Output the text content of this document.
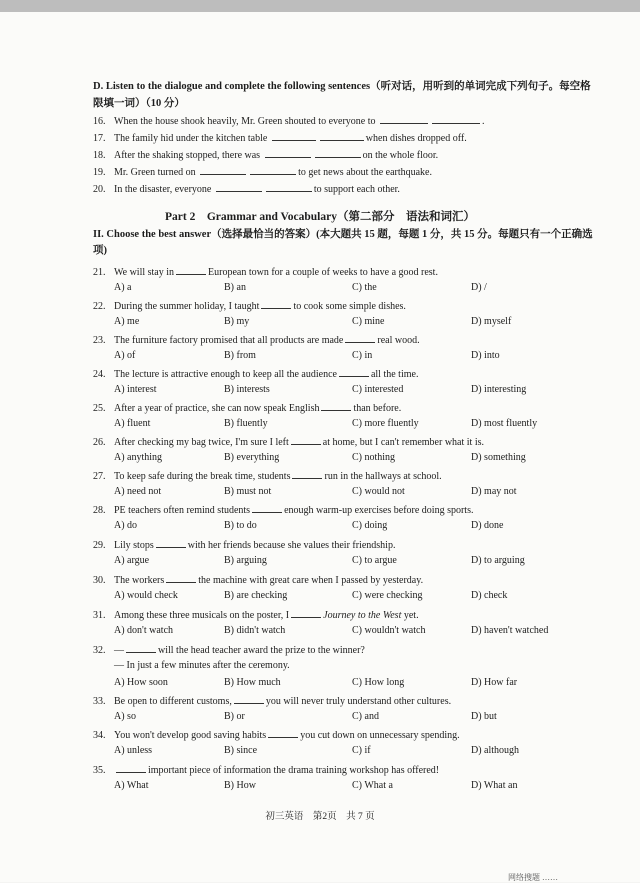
D. Listen to the dialogue and complete the following sentences（听对话，用听到的单词完成下列句子。每空格限填一词）（10 分）
16. When the house shook heavily, Mr. Green shouted to everyone to	.
17. The family hid under the kitchen table	when dishes dropped off.
18. After the shaking stopped, there was	on the whole floor.
19. Mr. Green turned on	to get news about the earthquake.
20. In the disaster, everyone	to support each other.
Part 2　Grammar and Vocabulary（第二部分　语法和词汇）
II. Choose the best answer（选择最恰当的答案）(本大题共 15 题，每题 1 分，共 15 分。每题只有一个正确选项)
21. We will stay in	European town for a couple of weeks to have a good rest.
A) a	B) an	C) the	D) /
22. During the summer holiday, I taught	to cook some simple dishes.
A) me	B) my	C) mine	D) myself
23. The furniture factory promised that all products are made	real wood.
A) of	B) from	C) in	D) into
24. The lecture is attractive enough to keep all the audience	all the time.
A) interest	B) interests	C) interested	D) interesting
25. After a year of practice, she can now speak English	than before.
A) fluent	B) fluently	C) more fluently	D) most fluently
26. After checking my bag twice, I'm sure I left	at home, but I can't remember what it is.
A) anything	B) everything	C) nothing	D) something
27. To keep safe during the break time, students	run in the hallways at school.
A) need not	B) must not	C) would not	D) may not
28. PE teachers often remind students	enough warm-up exercises before doing sports.
A) do	B) to do	C) doing	D) done
29. Lily stops	with her friends because she values their friendship.
A) argue	B) arguing	C) to argue	D) to arguing
30. The workers	the machine with great care when I passed by yesterday.
A) would check	B) are checking	C) were checking	D) check
31. Among these three musicals on the poster, I	Journey to the West yet.
A) don't watch	B) didn't watch	C) wouldn't watch	D) haven't watched
32. —	will the head teacher award the prize to the winner?
— In just a few minutes after the ceremony.
A) How soon	B) How much	C) How long	D) How far
33. Be open to different customs,	you will never truly understand other cultures.
A) so	B) or	C) and	D) but
34. You won't develop good saving habits	you cut down on unnecessary spending.
A) unless	B) since	C) if	D) although
35.	important piece of information the drama training workshop has offered!
A) What	B) How	C) What a	D) What an
初三英语　第2页　共 7 页
网络搜题 ……
